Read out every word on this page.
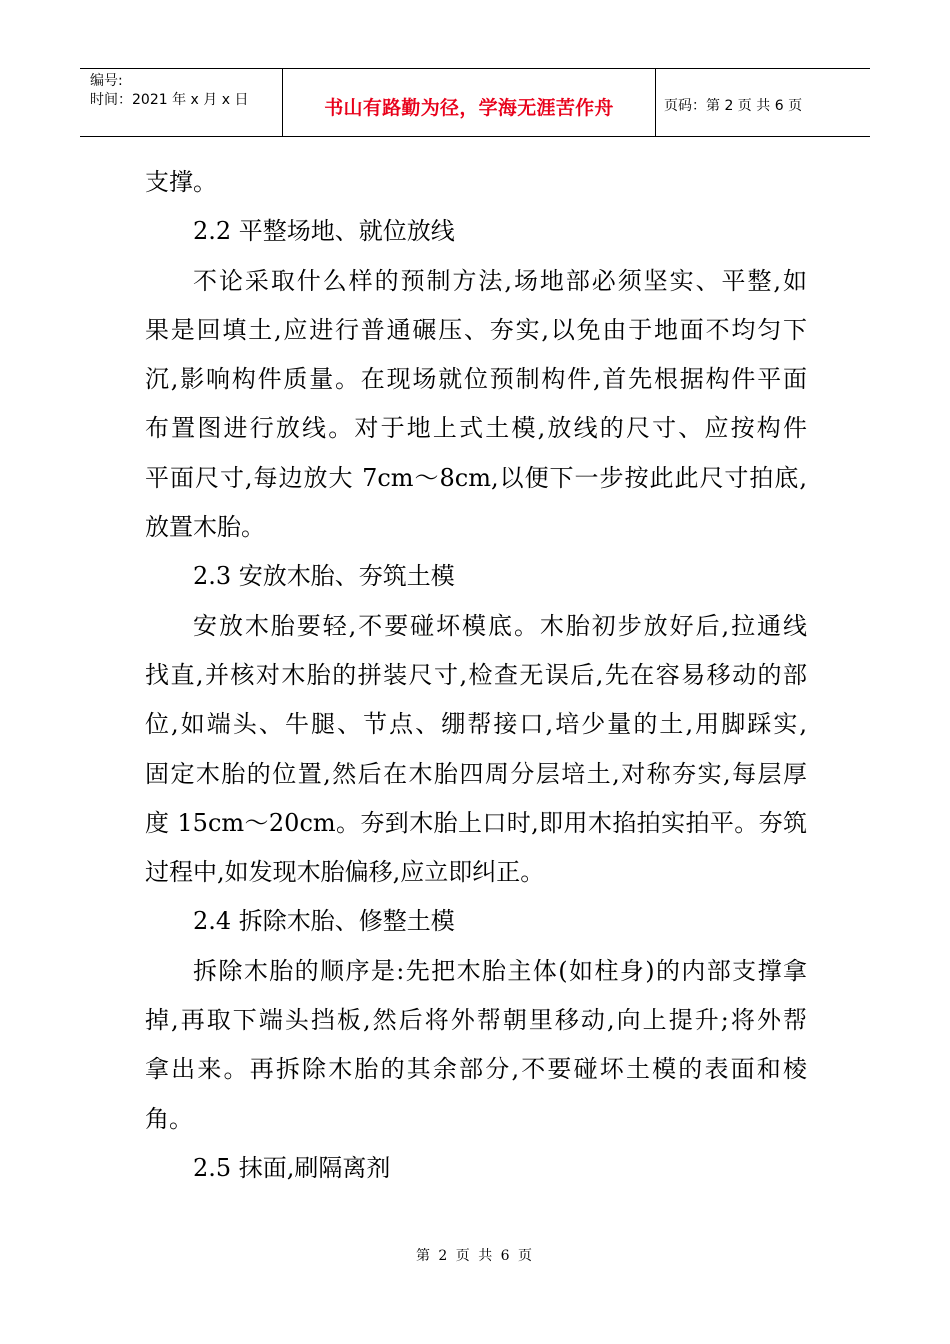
编号:
时间：2021 年 x 月 x 日	书山有路勤为径，学海无涯苦作舟	页码：第 2 页 共 6 页
支撑。
2.2 平整场地、就位放线
不论采取什么样的预制方法,场地部必须坚实、平整,如
果是回填土,应进行普通碾压、夯实,以免由于地面不均匀下
沉,影响构件质量。在现场就位预制构件,首先根据构件平面
布置图进行放线。对于地上式土模,放线的尺寸、应按构件
平面尺寸,每边放大 7cm～8cm,以便下一步按此此尺寸拍底,
放置木胎。
2.3 安放木胎、夯筑土模
安放木胎要轻,不要碰坏模底。木胎初步放好后,拉通线
找直,并核对木胎的拼装尺寸,检查无误后,先在容易移动的部
位,如端头、牛腿、节点、绷帮接口,培少量的土,用脚踩实,
固定木胎的位置,然后在木胎四周分层培土,对称夯实,每层厚
度 15cm～20cm。夯到木胎上口时,即用木掐拍实拍平。夯筑
过程中,如发现木胎偏移,应立即纠正。
2.4 拆除木胎、修整土模
拆除木胎的顺序是:先把木胎主体(如柱身)的内部支撑拿
掉,再取下端头挡板,然后将外帮朝里移动,向上提升;将外帮
拿出来。再拆除木胎的其余部分,不要碰坏土模的表面和棱
角。
2.5 抹面,刷隔离剂
第 2 页 共 6 页
